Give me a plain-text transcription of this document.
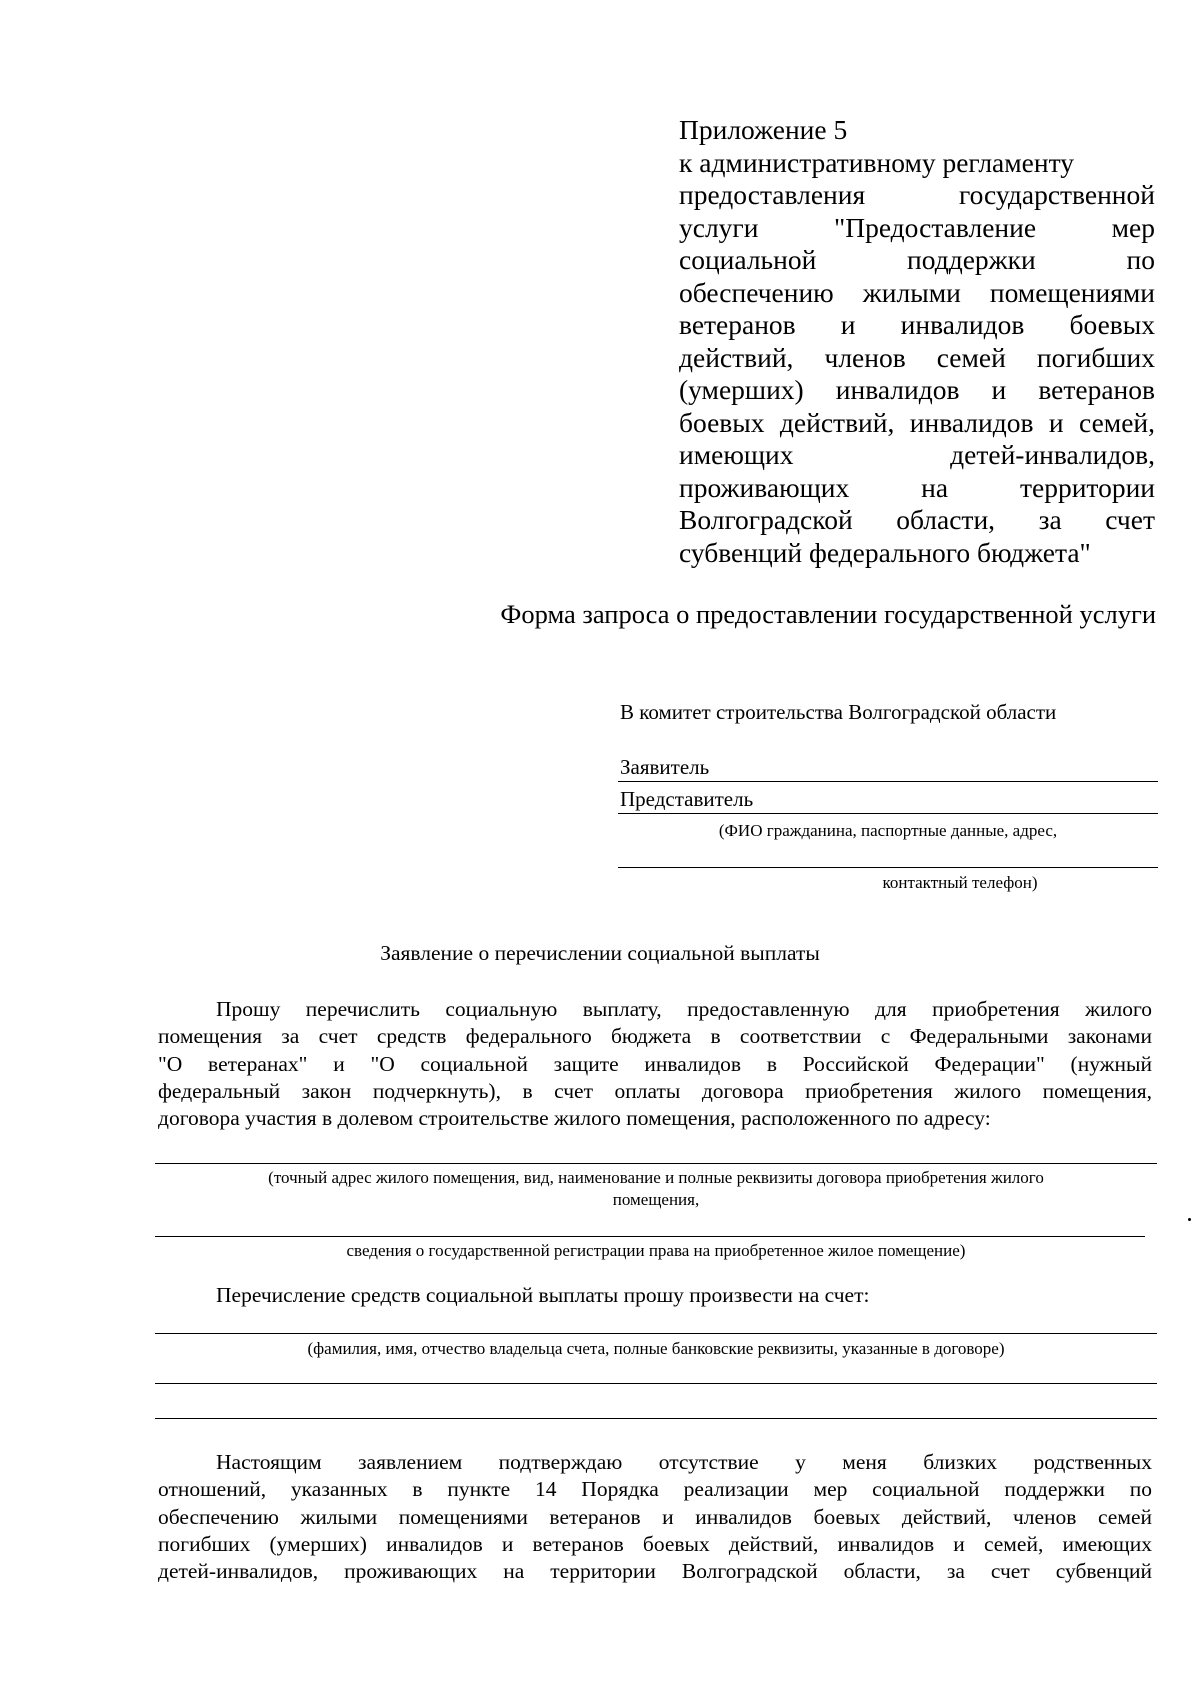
Приложение 5
к административному регламенту
предоставления государственной
услуги "Предоставление мер
социальной поддержки по
обеспечению жилыми помещениями
ветеранов и инвалидов боевых
действий, членов семей погибших
(умерших) инвалидов и ветеранов
боевых действий, инвалидов и семей,
имеющих детей-инвалидов,
проживающих на территории
Волгоградской области, за счет
субвенций федерального бюджета"
Форма запроса о предоставлении государственной услуги
В комитет строительства Волгоградской области
Заявитель
Представитель
(ФИО гражданина, паспортные данные, адрес,
контактный телефон)
Заявление о перечислении социальной выплаты
Прошу перечислить социальную выплату, предоставленную для приобретения жилого
помещения за счет средств федерального бюджета в соответствии с Федеральными законами
"О ветеранах" и "О социальной защите инвалидов в Российской Федерации" (нужный
федеральный закон подчеркнуть), в счет оплаты договора приобретения жилого помещения,
договора участия в долевом строительстве жилого помещения, расположенного по адресу:
(точный адрес жилого помещения, вид, наименование и полные реквизиты договора приобретения жилого
помещения,
сведения о государственной регистрации права на приобретенное жилое помещение)
Перечисление средств социальной выплаты прошу произвести на счет:
(фамилия, имя, отчество владельца счета, полные банковские реквизиты, указанные в договоре)
Настоящим заявлением подтверждаю отсутствие у меня близких родственных
отношений, указанных в пункте 14 Порядка реализации мер социальной поддержки по
обеспечению жилыми помещениями ветеранов и инвалидов боевых действий, членов семей
погибших (умерших) инвалидов и ветеранов боевых действий, инвалидов и семей, имеющих
детей-инвалидов, проживающих на территории Волгоградской области, за счет субвенций
